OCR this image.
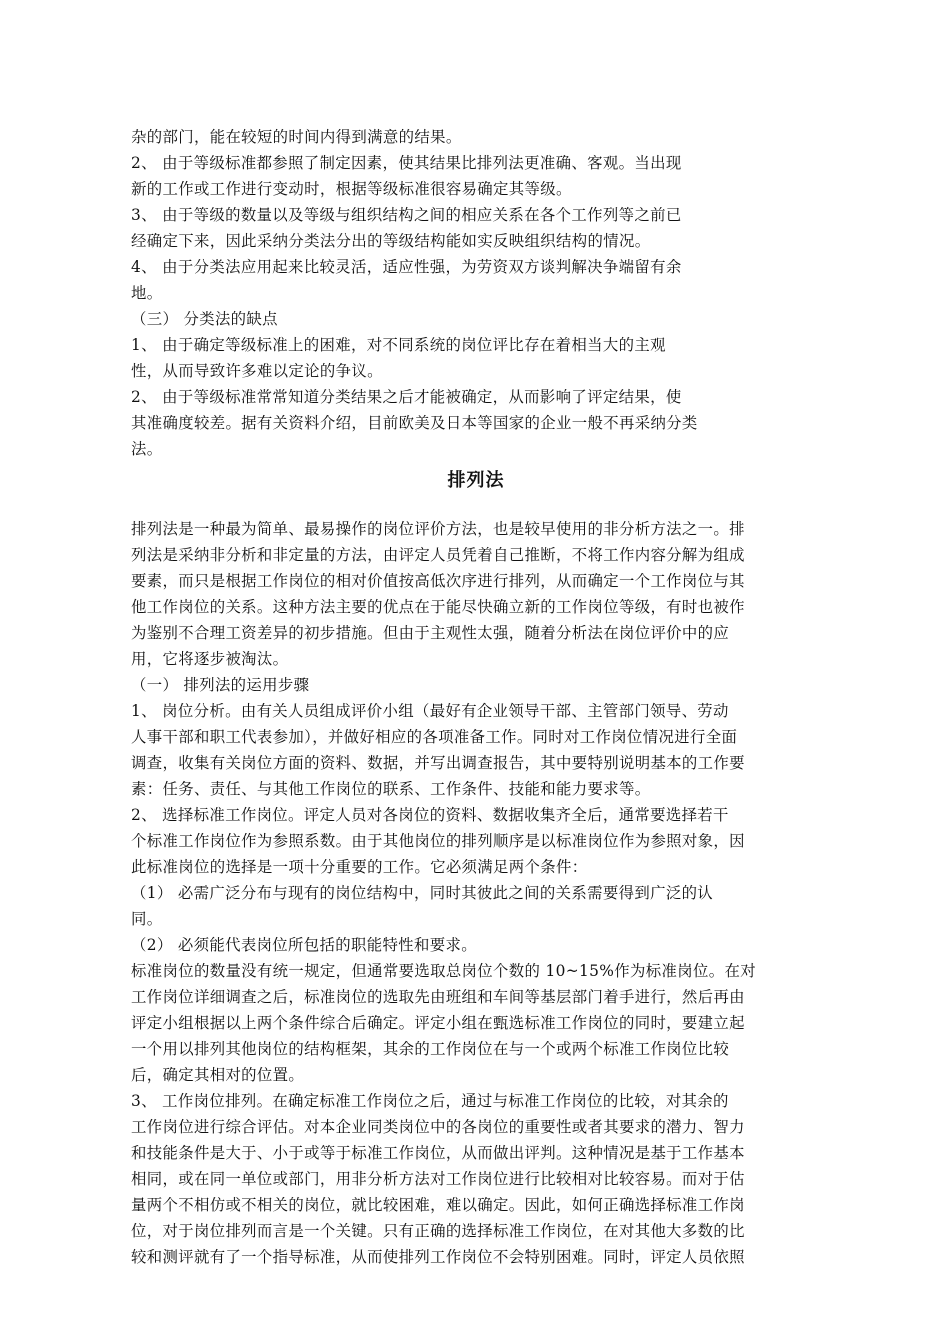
杂的部门，能在较短的时间内得到满意的结果。
2、 由于等级标准都参照了制定因素，使其结果比排列法更准确、客观。当出现
新的工作或工作进行变动时，根据等级标准很容易确定其等级。
3、 由于等级的数量以及等级与组织结构之间的相应关系在各个工作列等之前已
经确定下来，因此采纳分类法分出的等级结构能如实反映组织结构的情况。
4、 由于分类法应用起来比较灵活，适应性强，为劳资双方谈判解决争端留有余
地。
（三） 分类法的缺点
1、 由于确定等级标准上的困难，对不同系统的岗位评比存在着相当大的主观
性，从而导致许多难以定论的争议。
2、 由于等级标准常常知道分类结果之后才能被确定，从而影响了评定结果，使
其准确度较差。据有关资料介绍，目前欧美及日本等国家的企业一般不再采纳分类
法。
排列法
排列法是一种最为简单、最易操作的岗位评价方法，也是较早使用的非分析方法之一。排
列法是采纳非分析和非定量的方法，由评定人员凭着自己推断，不将工作内容分解为组成
要素，而只是根据工作岗位的相对价值按高低次序进行排列，从而确定一个工作岗位与其
他工作岗位的关系。这种方法主要的优点在于能尽快确立新的工作岗位等级，有时也被作
为鉴别不合理工资差异的初步措施。但由于主观性太强，随着分析法在岗位评价中的应
用，它将逐步被淘汰。
（一） 排列法的运用步骤
1、 岗位分析。由有关人员组成评价小组（最好有企业领导干部、主管部门领导、劳动
人事干部和职工代表参加），并做好相应的各项准备工作。同时对工作岗位情况进行全面
调查，收集有关岗位方面的资料、数据，并写出调查报告，其中要特别说明基本的工作要
素：任务、责任、与其他工作岗位的联系、工作条件、技能和能力要求等。
2、 选择标准工作岗位。评定人员对各岗位的资料、数据收集齐全后，通常要选择若干
个标准工作岗位作为参照系数。由于其他岗位的排列顺序是以标准岗位作为参照对象，因
此标准岗位的选择是一项十分重要的工作。它必须满足两个条件：
（1） 必需广泛分布与现有的岗位结构中，同时其彼此之间的关系需要得到广泛的认
同。
（2） 必须能代表岗位所包括的职能特性和要求。
标准岗位的数量没有统一规定，但通常要选取总岗位个数的 10~15%作为标准岗位。在对
工作岗位详细调查之后，标准岗位的选取先由班组和车间等基层部门着手进行，然后再由
评定小组根据以上两个条件综合后确定。评定小组在甄选标准工作岗位的同时，要建立起
一个用以排列其他岗位的结构框架，其余的工作岗位在与一个或两个标准工作岗位比较
后，确定其相对的位置。
3、 工作岗位排列。在确定标准工作岗位之后，通过与标准工作岗位的比较，对其余的
工作岗位进行综合评估。对本企业同类岗位中的各岗位的重要性或者其要求的潜力、智力
和技能条件是大于、小于或等于标准工作岗位，从而做出评判。这种情况是基于工作基本
相同，或在同一单位或部门，用非分析方法对工作岗位进行比较相对比较容易。而对于估
量两个不相仿或不相关的岗位，就比较困难，难以确定。因此，如何正确选择标准工作岗
位，对于岗位排列而言是一个关键。只有正确的选择标准工作岗位，在对其他大多数的比
较和测评就有了一个指导标准，从而使排列工作岗位不会特别困难。同时，评定人员依照
